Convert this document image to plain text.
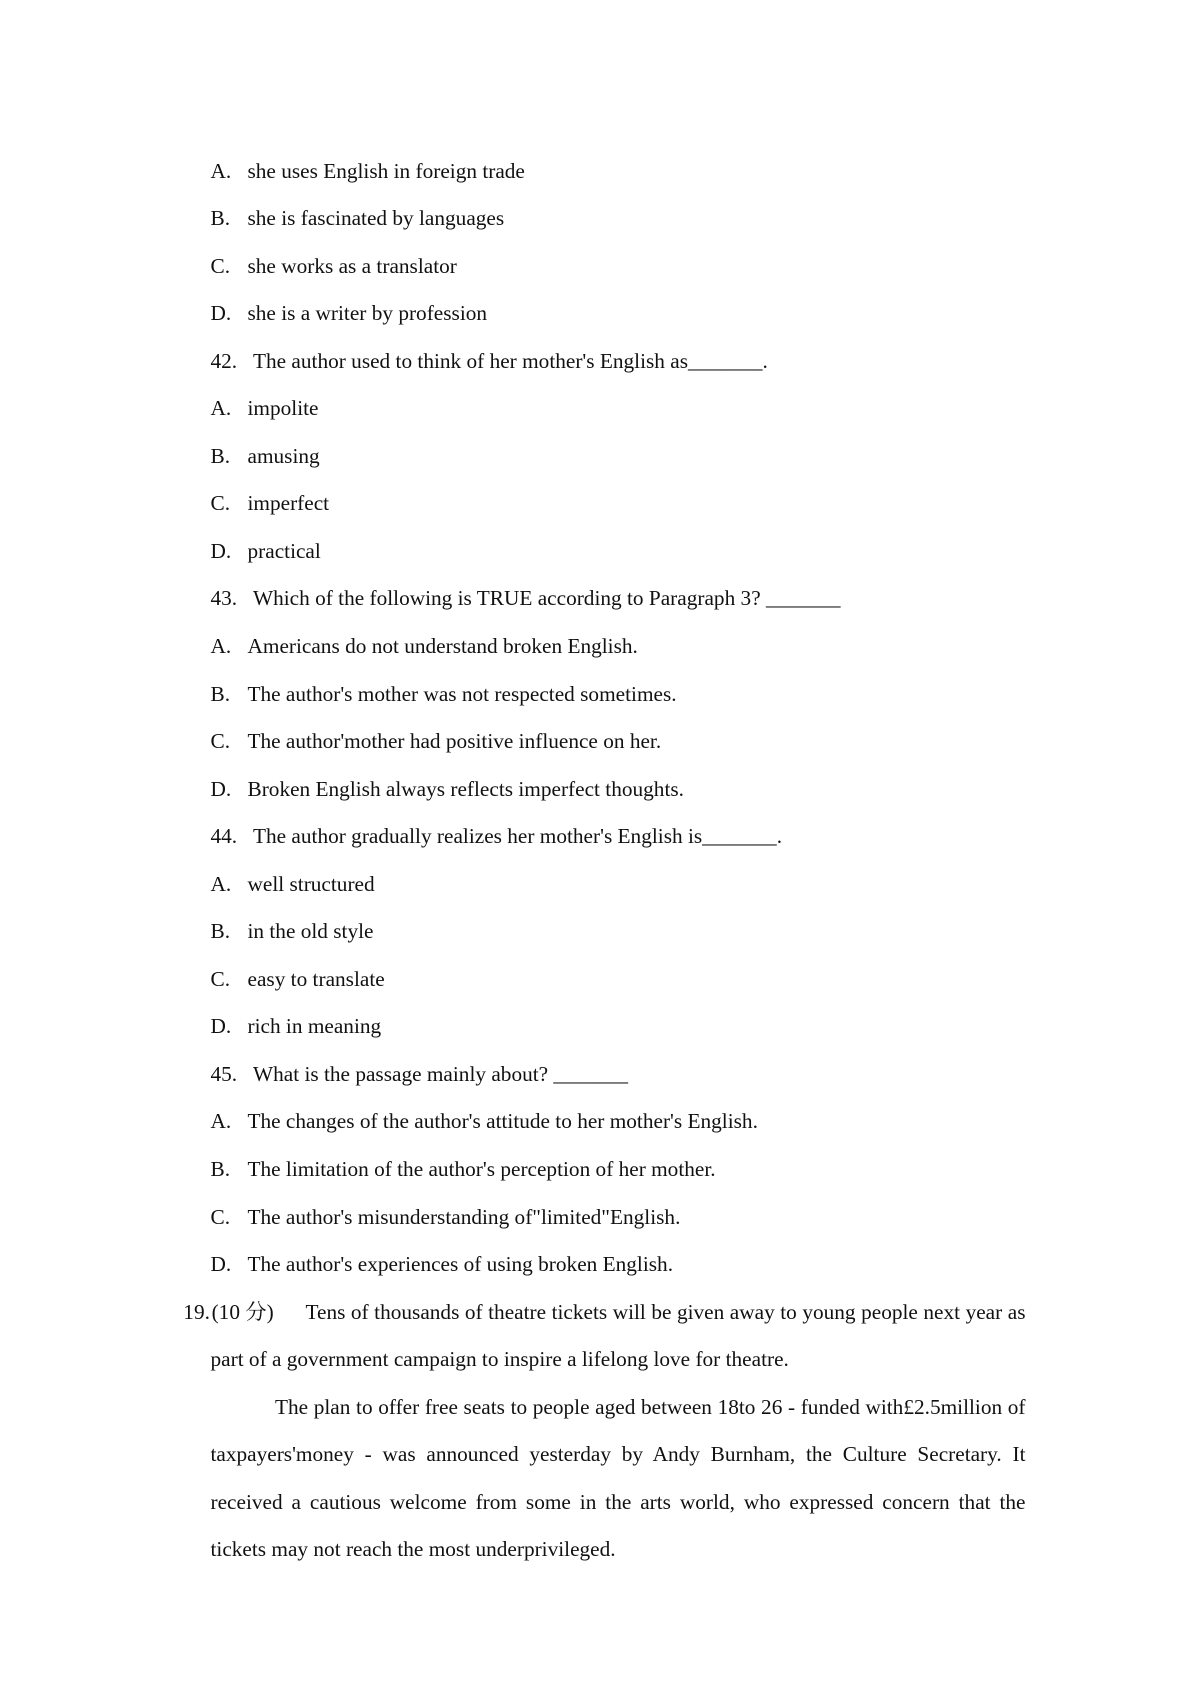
A. she uses English in foreign trade
B. she is fascinated by languages
C. she works as a translator
D. she is a writer by profession
42. The author used to think of her mother's English as_______.
A. impolite
B. amusing
C. imperfect
D. practical
43. Which of the following is TRUE according to Paragraph 3? _______
A. Americans do not understand broken English.
B. The author's mother was not respected sometimes.
C. The author'mother had positive influence on her.
D. Broken English always reflects imperfect thoughts.
44. The author gradually realizes her mother's English is_______.
A. well structured
B. in the old style
C. easy to translate
D. rich in meaning
45. What is the passage mainly about? _______
A. The changes of the author's attitude to her mother's English.
B. The limitation of the author's perception of her mother.
C. The author's misunderstanding of"limited"English.
D. The author's experiences of using broken English.
19.(10 分) Tens of thousands of theatre tickets will be given away to young people next year as
part of a government campaign to inspire a lifelong love for theatre.
The plan to offer free seats to people aged between 18to 26 - funded with£2.5million of
taxpayers'money - was announced yesterday by Andy Burnham, the Culture Secretary. It
received a cautious welcome from some in the arts world, who expressed concern that the
tickets may not reach the most underprivileged.
